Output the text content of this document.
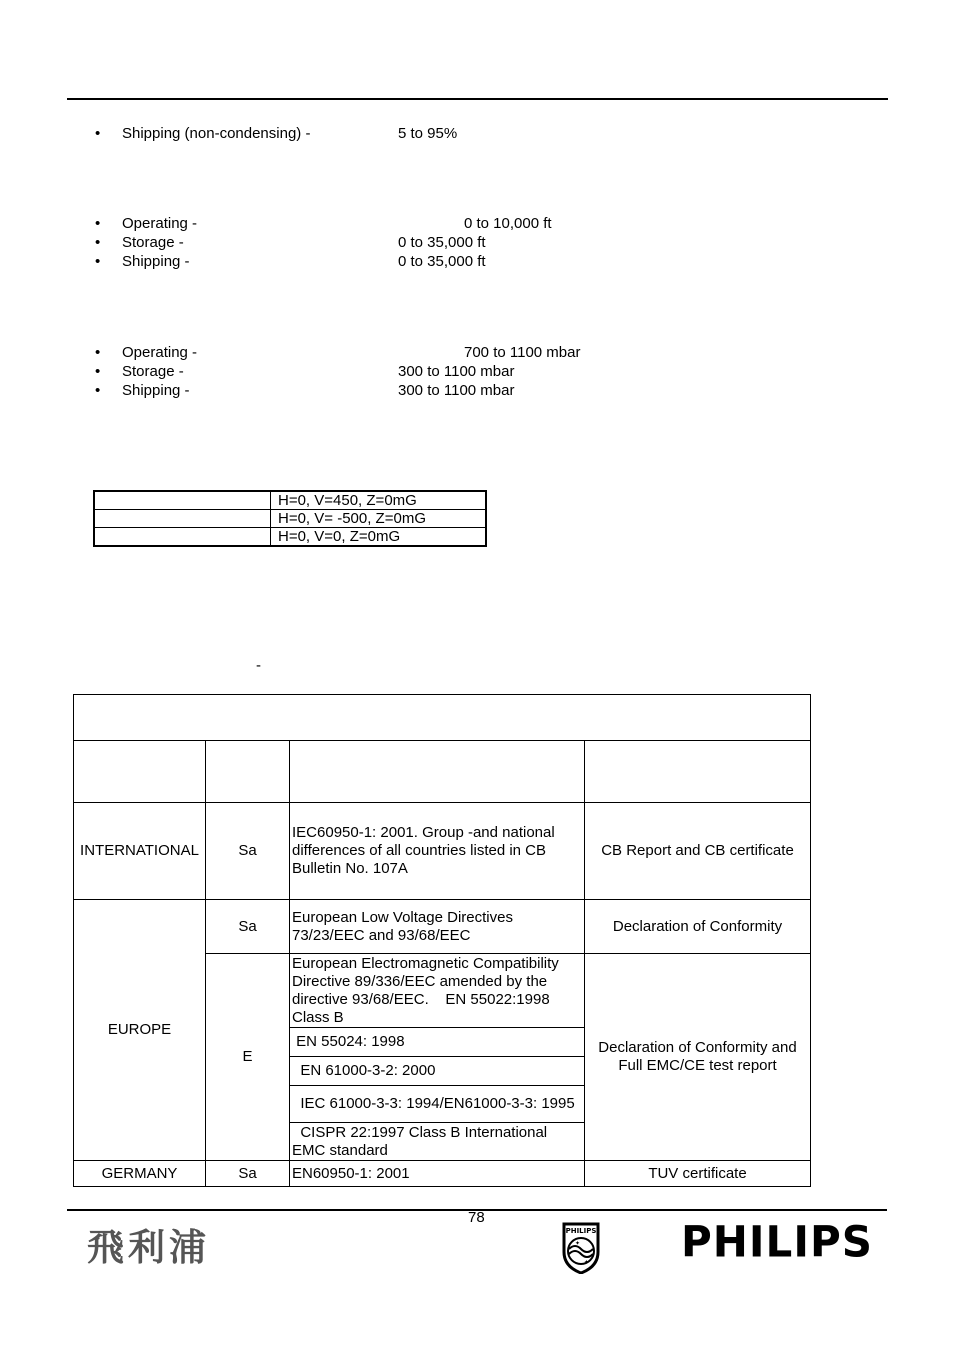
• Shipping (non-condensing) -	5 to 95%
• Operating -	0 to 10,000 ft
• Storage -	0 to 35,000 ft
• Shipping -	0 to 35,000 ft
• Operating -	700 to 1100 mbar
• Storage -	300 to 1100 mbar
• Shipping -	300 to 1100 mbar
	H=0, V=450, Z=0mG
	H=0, V= -500, Z=0mG
	H=0, V=0, Z=0mG
-

INTERNATIONAL	Sa	IEC60950-1: 2001. Group -and national differences of all countries listed in CB Bulletin No. 107A	CB Report and CB certificate
EUROPE	Sa	European Low Voltage Directives 73/23/EEC and 93/68/EEC	Declaration of Conformity
	E	European Electromagnetic Compatibility Directive 89/336/EEC amended by the directive 93/68/EEC.    EN 55022:1998 Class B	Declaration of Conformity and Full EMC/CE test report
		EN 55024: 1998	
		EN 61000-3-2: 2000	
		IEC 61000-3-3: 1994/EN61000-3-3: 1995	
		CISPR 22:1997 Class B International EMC standard	
GERMANY	Sa	EN60950-1: 2001	TUV certificate
78
飛利浦	PHILIPS
✦
✦ PHILIPS
